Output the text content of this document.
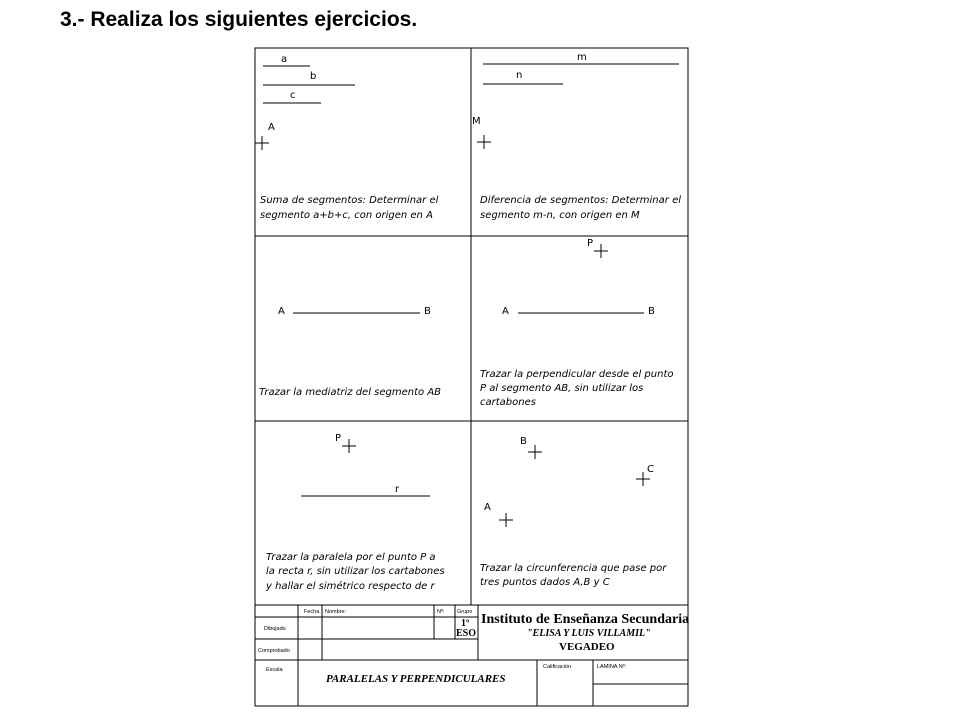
3.- Realiza los siguientes ejercicios.
a
b
c
A
Suma de segmentos: Determinar el
segmento a+b+c, con origen en A
m
n
M
Diferencia de segmentos: Determinar el
segmento m-n, con origen en M
A	B
Trazar la mediatriz del segmento AB
P
A	B
Trazar la perpendicular desde el punto
P al segmento AB, sin utilizar los
cartabones
P
r
Trazar la paralela por el punto P a
la recta r, sin utilizar los cartabones
y hallar el simétrico respecto de r
B
C
A
Trazar la circunferencia que pase por
tres puntos dados A,B y C
Fecha Nombre:	Nº: Grupo
Dibujado
Comprobado
Escala
1º
ESO
Instituto de Enseñanza Secundaria
"ELISA Y LUIS VILLAMIL"
VEGADEO
PARALELAS Y PERPENDICULARES
Calificación	LAMINA Nº:
